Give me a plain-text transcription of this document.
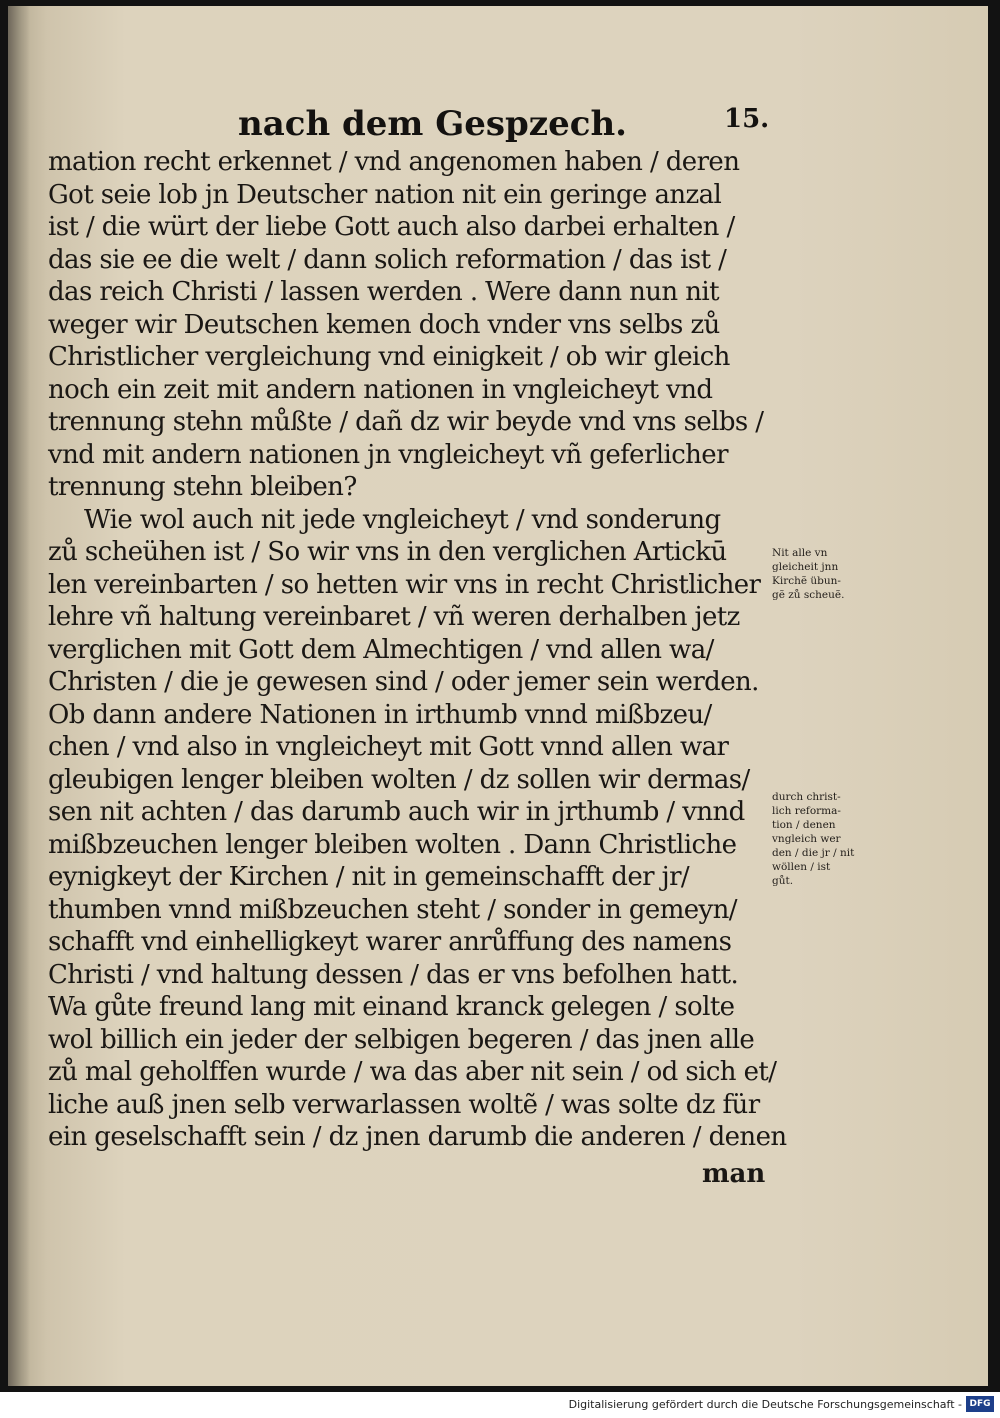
nach dem Gespzech.	15.
mation recht erkennet / vnd angenomen haben / deren
Got seie lob jn Deutscher nation nit ein geringe anzal
ist / die würt der liebe Gott auch also darbei erhalten /
das sie ee die welt / dann solich reformation / das ist /
das reich Christi / lassen werden . Were dann nun nit
weger wir Deutschen kemen doch vnder vns selbs zů
Christlicher vergleichung vnd einigkeit / ob wir gleich
noch ein zeit mit andern nationen in vngleicheyt vnd
trennung stehn můßte / dañ dz wir beyde vnd vns selbs /
vnd mit andern nationen jn vngleicheyt vñ geferlicher
trennung stehn bleiben?
Wie wol auch nit jede vngleicheyt / vnd sonderung
zů scheühen ist / So wir vns in den verglichen Artickū
len vereinbarten / so hetten wir vns in recht Christlicher
lehre vñ haltung vereinbaret / vñ weren derhalben jetz
verglichen mit Gott dem Almechtigen / vnd allen wa/
Christen / die je gewesen sind / oder jemer sein werden.
Ob dann andere Nationen in irthumb vnnd mißbzeu/
chen / vnd also in vngleicheyt mit Gott vnnd allen war
gleubigen lenger bleiben wolten / dz sollen wir dermas/
sen nit achten / das darumb auch wir in jrthumb / vnnd
mißbzeuchen lenger bleiben wolten . Dann Christliche
eynigkeyt der Kirchen / nit in gemeinschafft der jr/
thumben vnnd mißbzeuchen steht / sonder in gemeyn/
schafft vnd einhelligkeyt warer anrůffung des namens
Christi / vnd haltung dessen / das er vns befolhen hatt.
Wa gůte freund lang mit einand kranck gelegen / solte
wol billich ein jeder der selbigen begeren / das jnen alle
zů mal geholffen wurde / wa das aber nit sein / od sich et/
liche auß jnen selb verwarlassen woltẽ / was solte dz für
ein geselschafft sein / dz jnen darumb die anderen / denen
man
Nit alle vn
gleicheit jnn
Kirchẽ übun-
gẽ zů scheuẽ.
durch christ-
lich reforma-
tion / denen
vngleich wer
den / die jr / nit
wöllen / ist
gůt.
Digitalisierung gefördert durch die Deutsche Forschungsgemeinschaft - DFG
